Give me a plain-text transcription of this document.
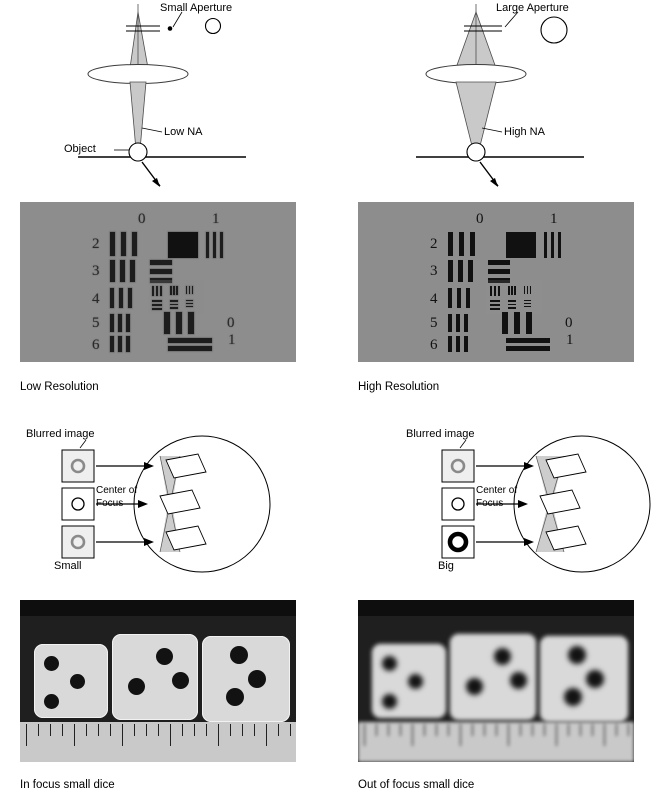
Small Aperture
Low NA
Object
0	1
2
3
4
5
6
0
1
Low Resolution
Blurred image
Center of Focus
Small
In focus small dice
Large Aperture
High NA
0	1
2
3
4
5
6
0
1
High Resolution
Blurred image
Center of Focus
Big
Out of focus small dice
